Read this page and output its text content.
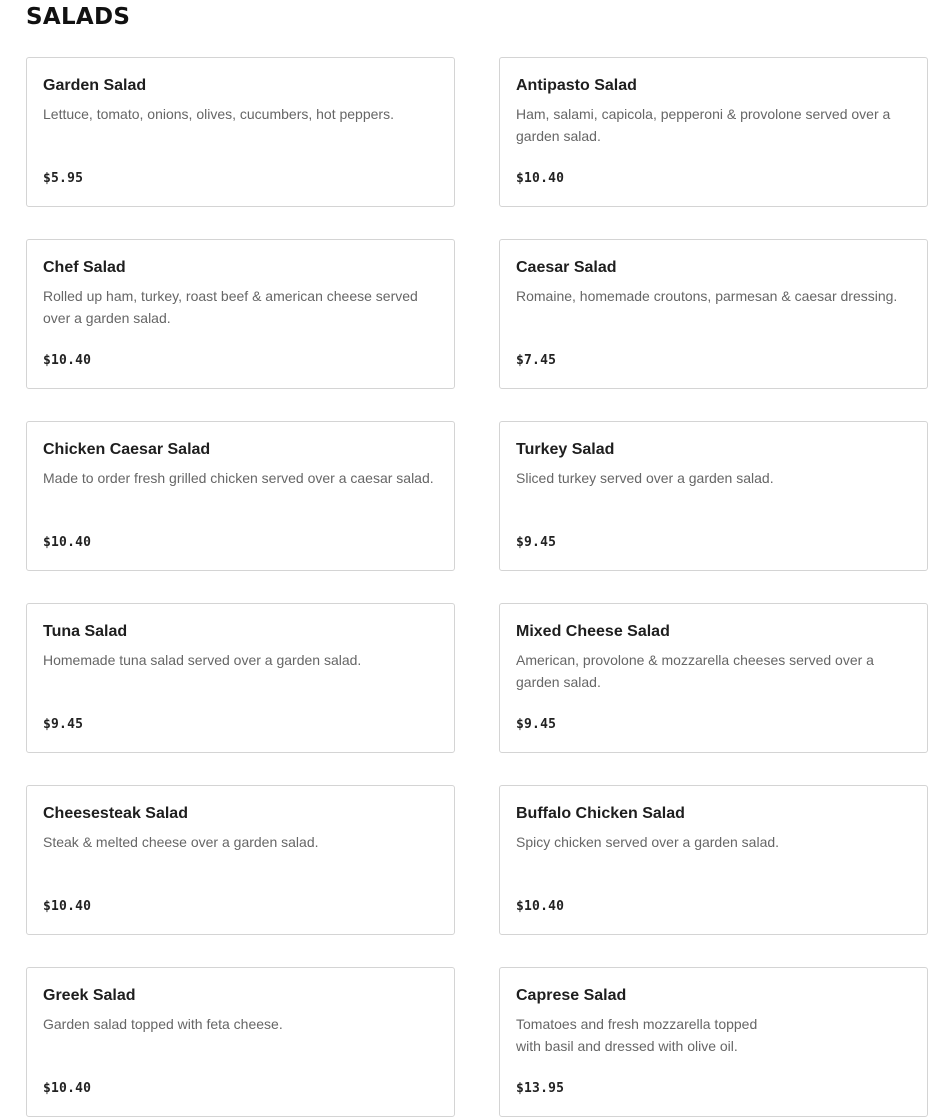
SALADS
Garden Salad
Lettuce, tomato, onions, olives, cucumbers, hot peppers.
$5.95
Antipasto Salad
Ham, salami, capicola, pepperoni & provolone served over a garden salad.
$10.40
Chef Salad
Rolled up ham, turkey, roast beef & american cheese served over a garden salad.
$10.40
Caesar Salad
Romaine, homemade croutons, parmesan & caesar dressing.
$7.45
Chicken Caesar Salad
Made to order fresh grilled chicken served over a caesar salad.
$10.40
Turkey Salad
Sliced turkey served over a garden salad.
$9.45
Tuna Salad
Homemade tuna salad served over a garden salad.
$9.45
Mixed Cheese Salad
American, provolone & mozzarella cheeses served over a garden salad.
$9.45
Cheesesteak Salad
Steak & melted cheese over a garden salad.
$10.40
Buffalo Chicken Salad
Spicy chicken served over a garden salad.
$10.40
Greek Salad
Garden salad topped with feta cheese.
$10.40
Caprese Salad
Tomatoes and fresh mozzarella topped with basil and dressed with olive oil.
$13.95
